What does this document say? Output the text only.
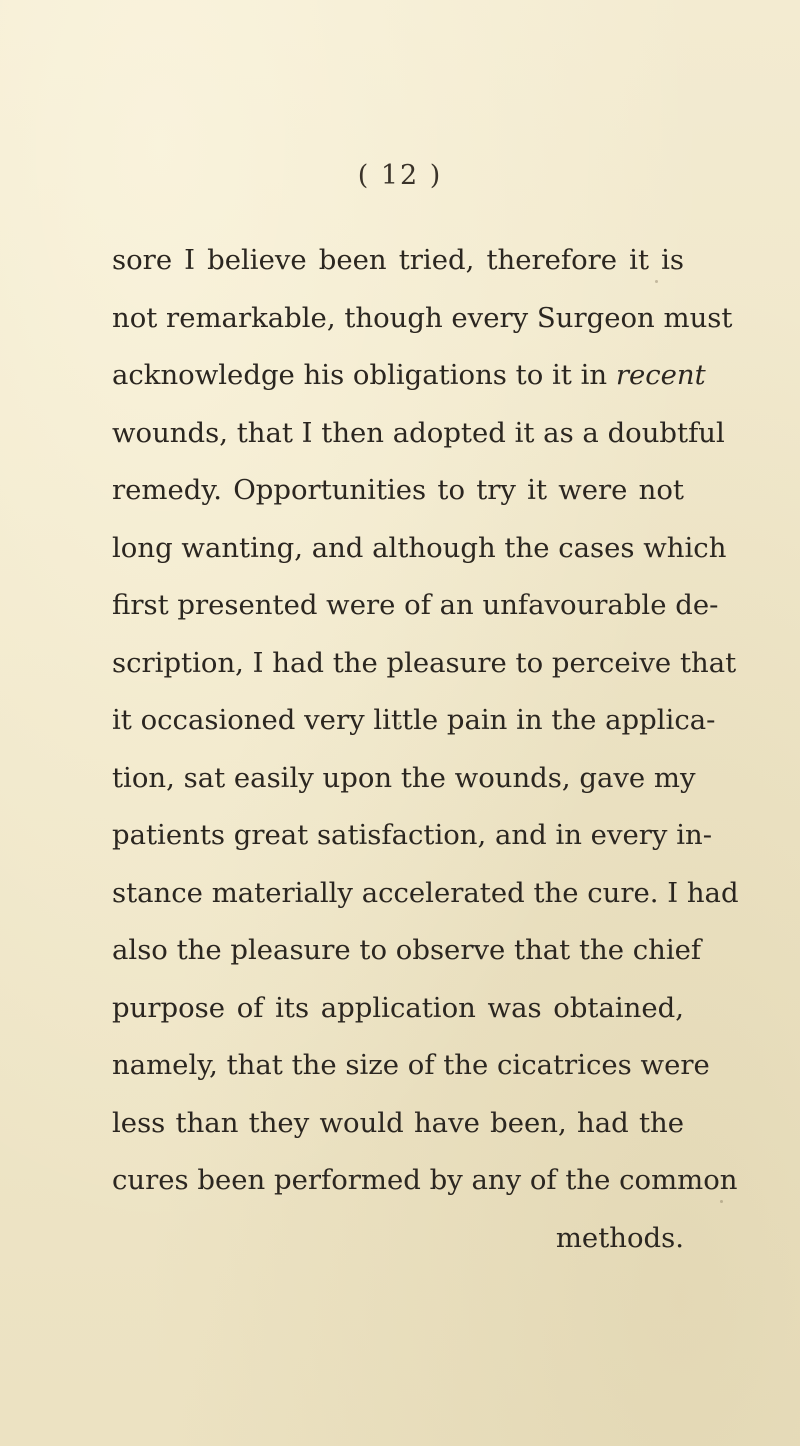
( 12 )
sore I believe been tried, therefore it is
not remarkable, though every Surgeon must
acknowledge his obligations to it in recent
wounds, that I then adopted it as a doubtful
remedy. Opportunities to try it were not
long wanting, and although the cases which
first presented were of an unfavourable de-
scription, I had the pleasure to perceive that
it occasioned very little pain in the applica-
tion, sat easily upon the wounds, gave my
patients great satisfaction, and in every in-
stance materially accelerated the cure. I had
also the pleasure to observe that the chief
purpose of its application was obtained,
namely, that the size of the cicatrices were
less than they would have been, had the
cures been performed by any of the common
methods.
